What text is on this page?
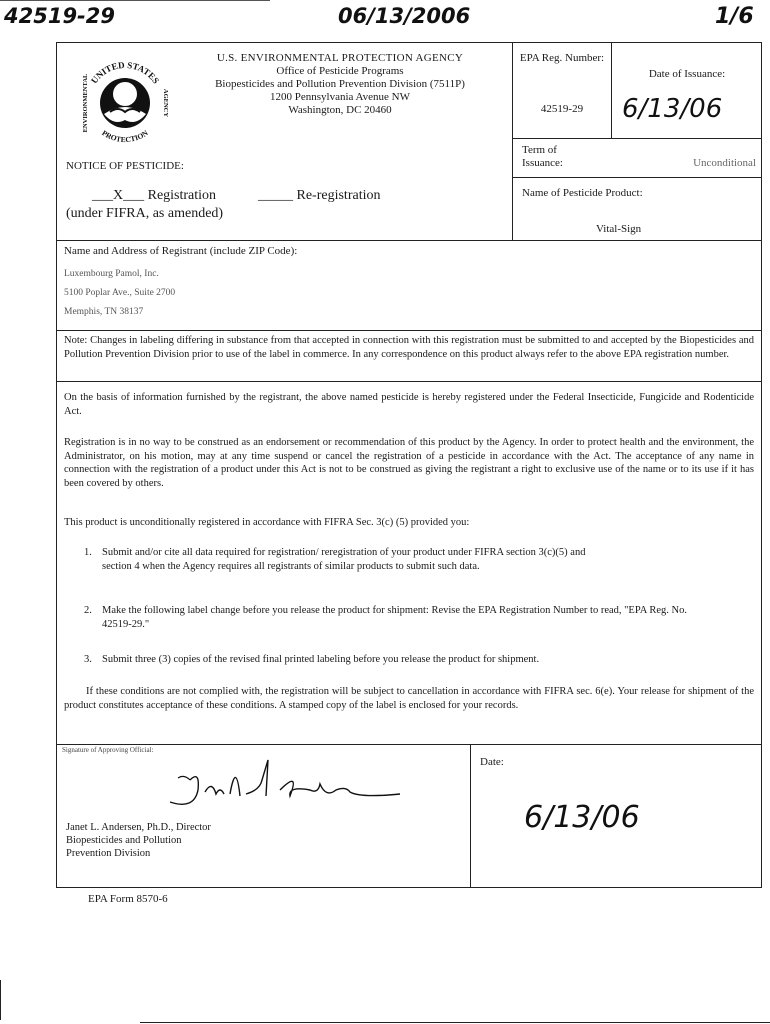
42519-29	06/13/2006	1/6
UNITED STATES
PROTECTION
ENVIRONMENTAL	AGENCY
U.S. ENVIRONMENTAL PROTECTION AGENCY
Office of Pesticide Programs
Biopesticides and Pollution Prevention Division (7511P)
1200 Pennsylvania Avenue NW
Washington, DC 20460
NOTICE OF PESTICIDE:
___X___ Registration	_____ Re-registration
(under FIFRA, as amended)
EPA Reg. Number:
42519-29
Date of Issuance:
6/13/06
Term of Issuance:	Unconditional
Name of Pesticide Product:
Vital-Sign
Name and Address of Registrant (include ZIP Code):
Luxembourg Pamol, Inc.
5100 Poplar Ave., Suite 2700
Memphis, TN 38137
Note: Changes in labeling differing in substance from that accepted in connection with this registration must be submitted to and accepted by the Biopesticides and Pollution Prevention Division prior to use of the label in commerce. In any correspondence on this product always refer to the above EPA registration number.
On the basis of information furnished by the registrant, the above named pesticide is hereby registered under the Federal Insecticide, Fungicide and Rodenticide Act.
Registration is in no way to be construed as an endorsement or recommendation of this product by the Agency. In order to protect health and the environment, the Administrator, on his motion, may at any time suspend or cancel the registration of a pesticide in accordance with the Act. The acceptance of any name in connection with the registration of a product under this Act is not to be construed as giving the registrant a right to exclusive use of the name or to its use if it has been covered by others.
This product is unconditionally registered in accordance with FIFRA Sec. 3(c) (5) provided you:
1. Submit and/or cite all data required for registration/ reregistration of your product under FIFRA section 3(c)(5) and section 4 when the Agency requires all registrants of similar products to submit such data.
2. Make the following label change before you release the product for shipment: Revise the EPA Registration Number to read, "EPA Reg. No. 42519-29."
3. Submit three (3) copies of the revised final printed labeling before you release the product for shipment.
If these conditions are not complied with, the registration will be subject to cancellation in accordance with FIFRA sec. 6(e). Your release for shipment of the product constitutes acceptance of these conditions. A stamped copy of the label is enclosed for your records.
Signature of Approving Official:
Janet L. Andersen, Ph.D., Director
Biopesticides and Pollution
Prevention Division
Date:
6/13/06
EPA Form 8570-6
